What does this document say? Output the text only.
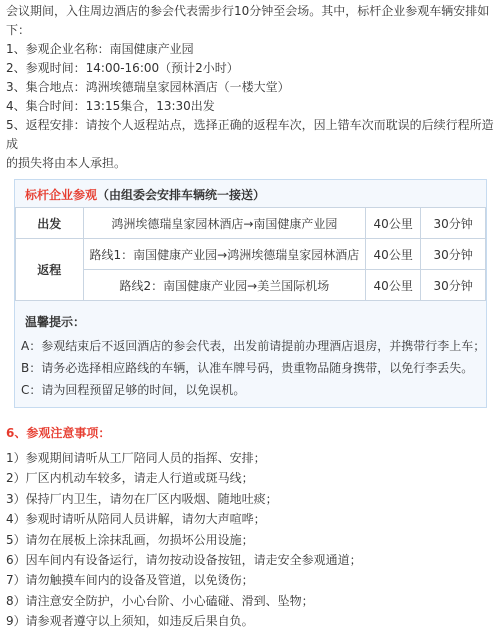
会议期间，入住周边酒店的参会代表需步行10分钟至会场。其中，标杆企业参观车辆安排如下：

1、参观企业名称：南国健康产业园

2、参观时间：14:00-16:00（预计2小时）

3、集合地点：鸿洲埃德瑞皇家园林酒店（一楼大堂）

4、集合时间：13:15集合，13:30出发

5、返程安排：请按个人返程站点，选择正确的返程车次，因上错车次而耽误的后续行程所造成

的损失将由本人承担。

标杆企业参观（由组委会安排车辆统一接送）
出发	鸿洲埃德瑞皇家园林酒店→南国健康产业园	40公里	30分钟
返程	路线1：南国健康产业园→鸿洲埃德瑞皇家园林酒店	40公里	30分钟
	路线2：南国健康产业园→美兰国际机场	40公里	30分钟
温馨提示：

A：参观结束后不返回酒店的参会代表，出发前请提前办理酒店退房，并携带行李上车；

B：请务必选择相应路线的车辆，认准车牌号码，贵重物品随身携带，以免行李丢失。

C：请为回程预留足够的时间，以免误机。

6、参观注意事项：

1）参观期间请听从工厂陪同人员的指挥、安排；

2）厂区内机动车较多，请走人行道或斑马线；

3）保持厂内卫生，请勿在厂区内吸烟、随地吐痰；

4）参观时请听从陪同人员讲解，请勿大声喧哗；

5）请勿在展板上涂抹乱画，勿损坏公用设施；

6）因车间内有设备运行，请勿按动设备按钮，请走安全参观通道；

7）请勿触摸车间内的设备及管道，以免烫伤；

8）请注意安全防护，小心台阶、小心磕碰、滑到、坠物；

9）请参观者遵守以上须知，如违反后果自负。
